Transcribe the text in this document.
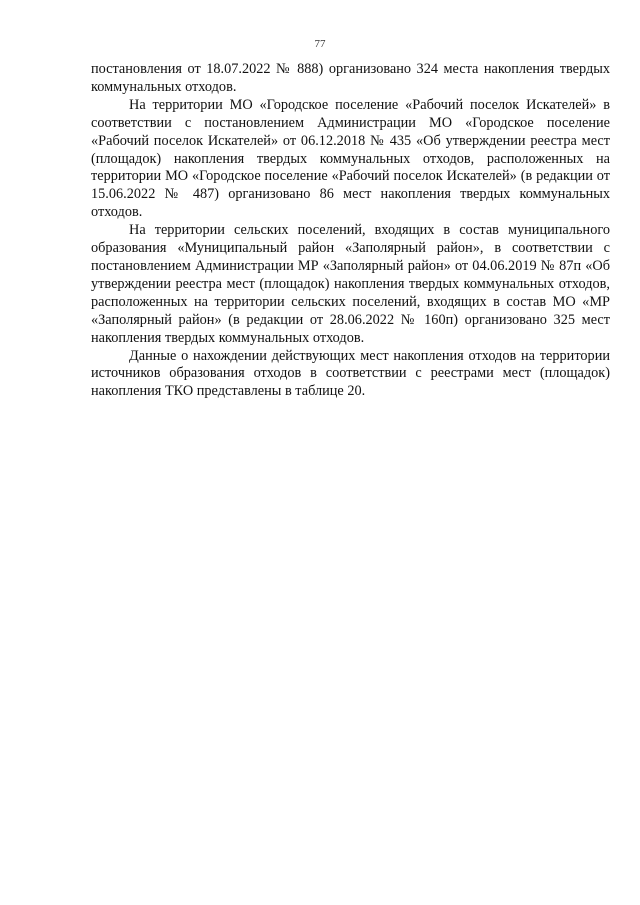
77

постановления от 18.07.2022 № 888) организовано 324 места накопления твердых коммунальных отходов.

На территории МО «Городское поселение «Рабочий поселок Искателей» в соответствии с постановлением Администрации МО «Городское поселение «Рабочий поселок Искателей» от 06.12.2018 № 435 «Об утверждении реестра мест (площадок) накопления твердых коммунальных отходов, расположенных на территории МО «Городское поселение «Рабочий поселок Искателей» (в редакции от 15.06.2022 № 487) организовано 86 мест накопления твердых коммунальных отходов.

На территории сельских поселений, входящих в состав муниципального образования «Муниципальный район «Заполярный район», в соответствии с постановлением Администрации МР «Заполярный район» от 04.06.2019 № 87п «Об утверждении реестра мест (площадок) накопления твердых коммунальных отходов, расположенных на территории сельских поселений, входящих в состав МО «МР «Заполярный район» (в редакции от 28.06.2022 № 160п) организовано 325 мест накопления твердых коммунальных отходов.

Данные о нахождении действующих мест накопления отходов на территории источников образования отходов в соответствии с реестрами мест (площадок) накопления ТКО представлены в таблице 20.
